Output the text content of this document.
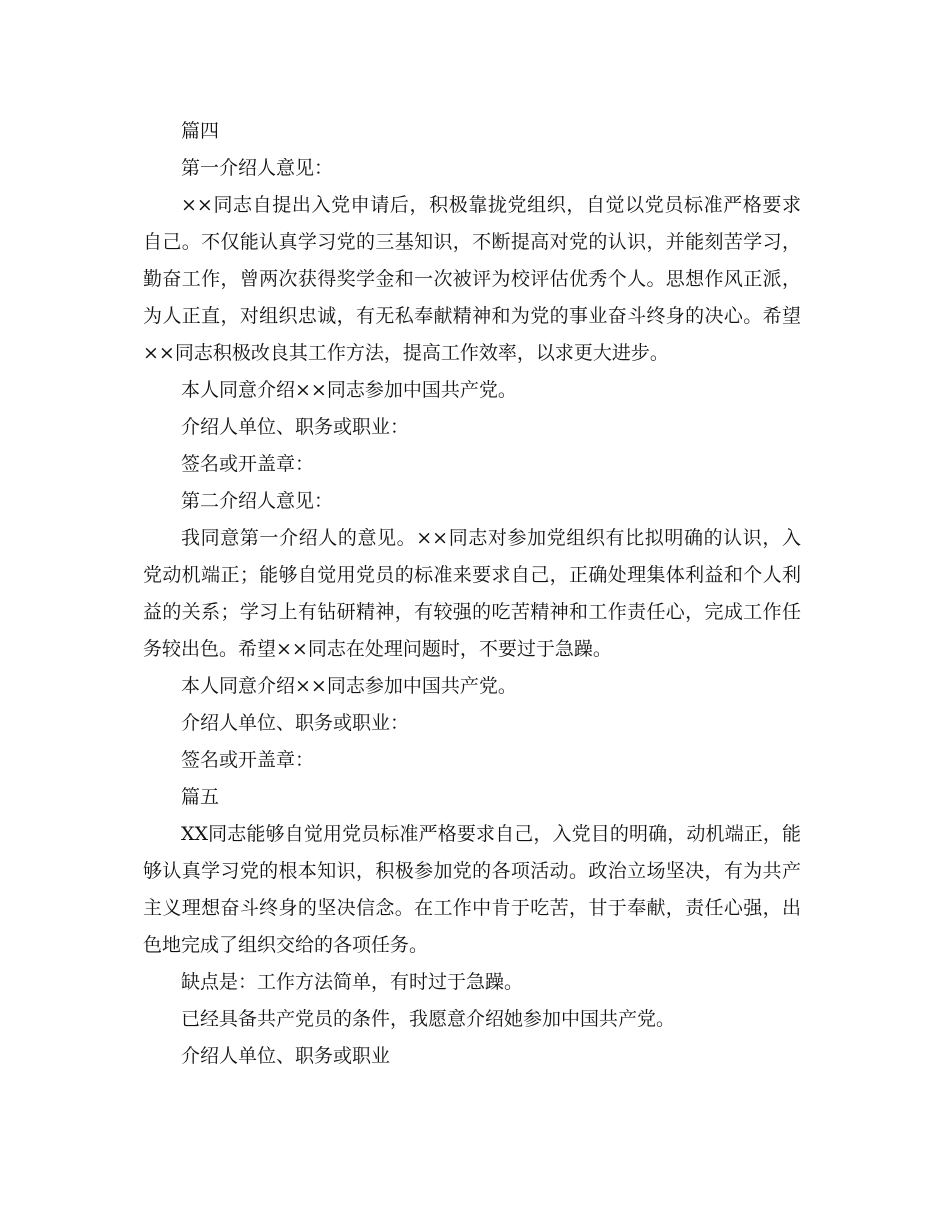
篇四

第一介绍人意见：

××同志自提出入党申请后，积极靠拢党组织，自觉以党员标准严格要求自己。不仅能认真学习党的三基知识，不断提高对党的认识，并能刻苦学习，勤奋工作，曾两次获得奖学金和一次被评为校评估优秀个人。思想作风正派，为人正直，对组织忠诚，有无私奉献精神和为党的事业奋斗终身的决心。希望××同志积极改良其工作方法，提高工作效率，以求更大进步。

本人同意介绍××同志参加中国共产党。

介绍人单位、职务或职业：

签名或开盖章：

第二介绍人意见：

我同意第一介绍人的意见。××同志对参加党组织有比拟明确的认识，入党动机端正；能够自觉用党员的标准来要求自己，正确处理集体利益和个人利益的关系；学习上有钻研精神，有较强的吃苦精神和工作责任心，完成工作任务较出色。希望××同志在处理问题时，不要过于急躁。

本人同意介绍××同志参加中国共产党。

介绍人单位、职务或职业：

签名或开盖章：

篇五

XX同志能够自觉用党员标准严格要求自己，入党目的明确，动机端正，能够认真学习党的根本知识，积极参加党的各项活动。政治立场坚决，有为共产主义理想奋斗终身的坚决信念。在工作中肯于吃苦，甘于奉献，责任心强，出色地完成了组织交给的各项任务。

缺点是：工作方法简单，有时过于急躁。

已经具备共产党员的条件，我愿意介绍她参加中国共产党。

介绍人单位、职务或职业
